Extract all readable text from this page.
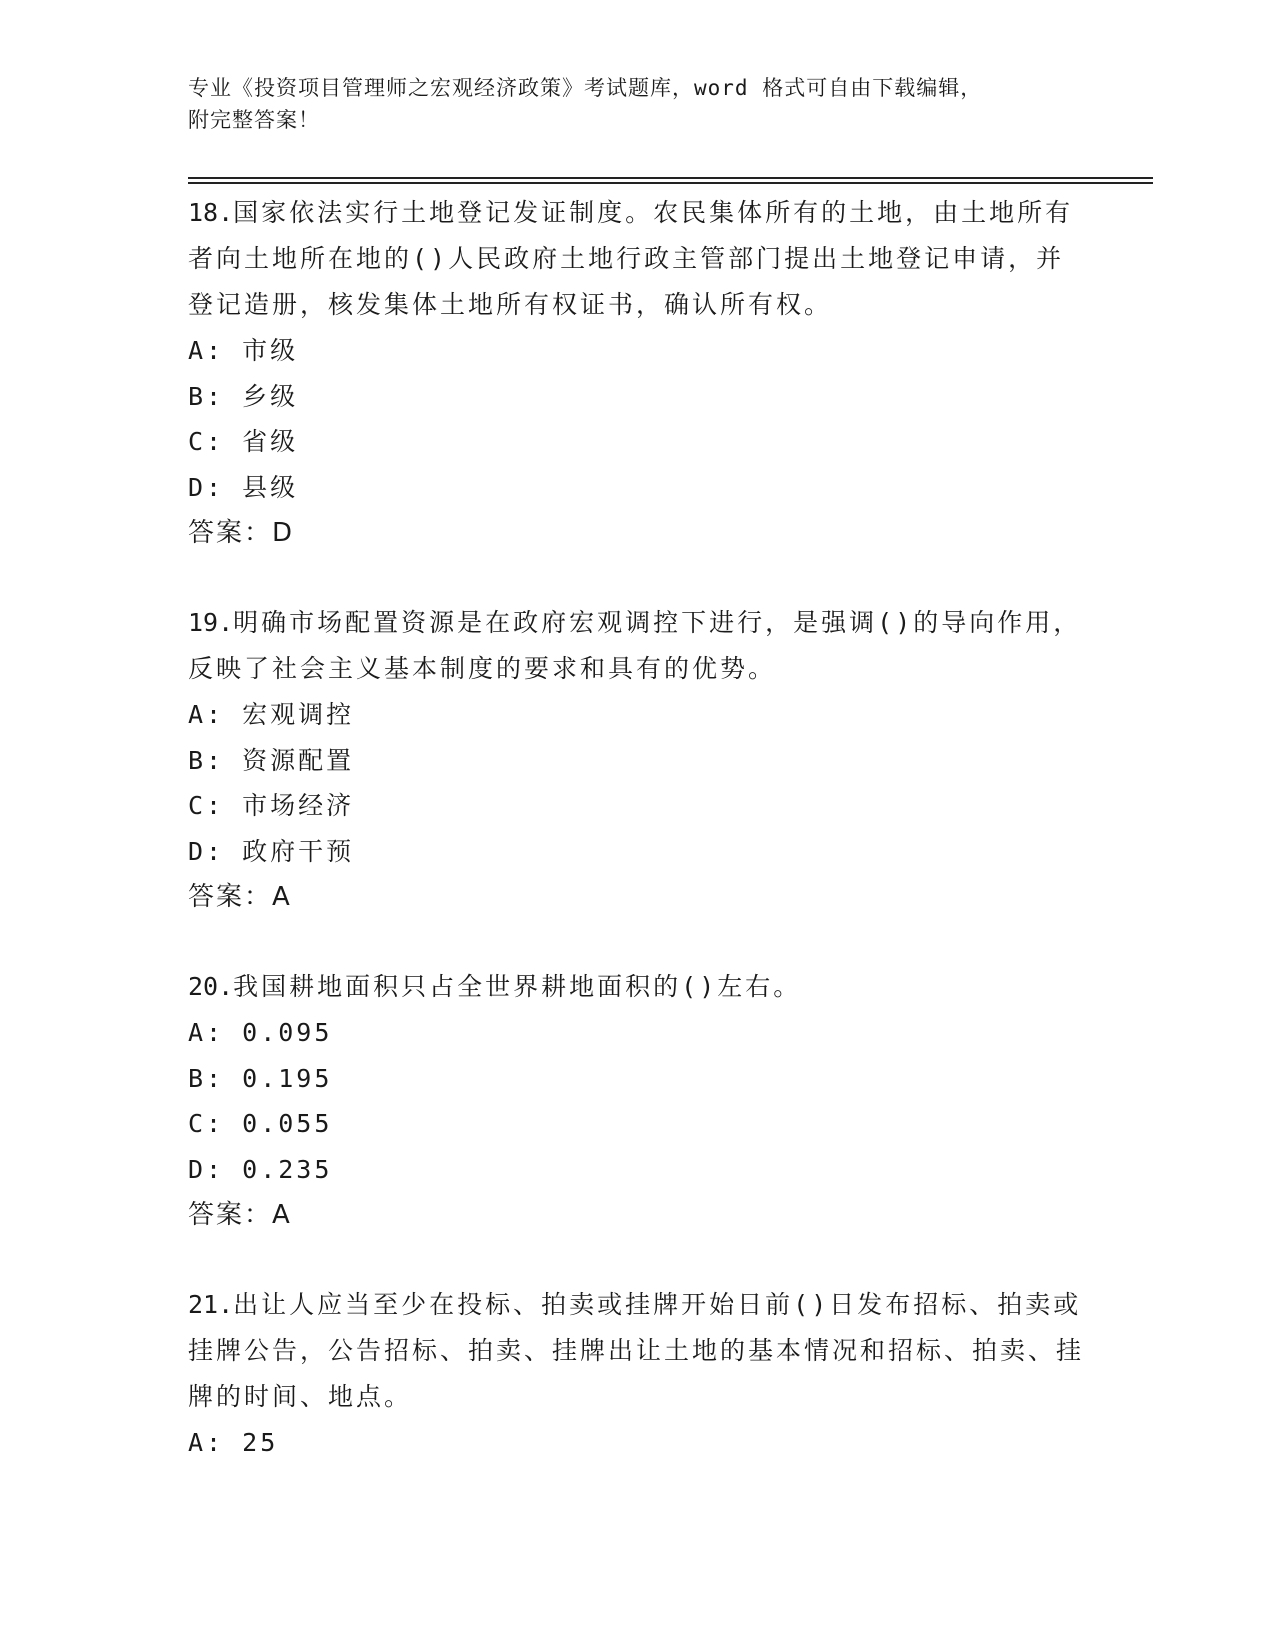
专业《投资项目管理师之宏观经济政策》考试题库，word 格式可自由下载编辑，
附完整答案！
18.国家依法实行土地登记发证制度。农民集体所有的土地，由土地所有者向土地所在地的()人民政府土地行政主管部门提出土地登记申请，并登记造册，核发集体土地所有权证书，确认所有权。
A: 市级
B: 乡级
C: 省级
D: 县级
答案：D
19.明确市场配置资源是在政府宏观调控下进行，是强调()的导向作用，反映了社会主义基本制度的要求和具有的优势。
A: 宏观调控
B: 资源配置
C: 市场经济
D: 政府干预
答案：A
20.我国耕地面积只占全世界耕地面积的()左右。
A: 0.095
B: 0.195
C: 0.055
D: 0.235
答案：A
21.出让人应当至少在投标、拍卖或挂牌开始日前()日发布招标、拍卖或挂牌公告，公告招标、拍卖、挂牌出让土地的基本情况和招标、拍卖、挂牌的时间、地点。
A: 25
